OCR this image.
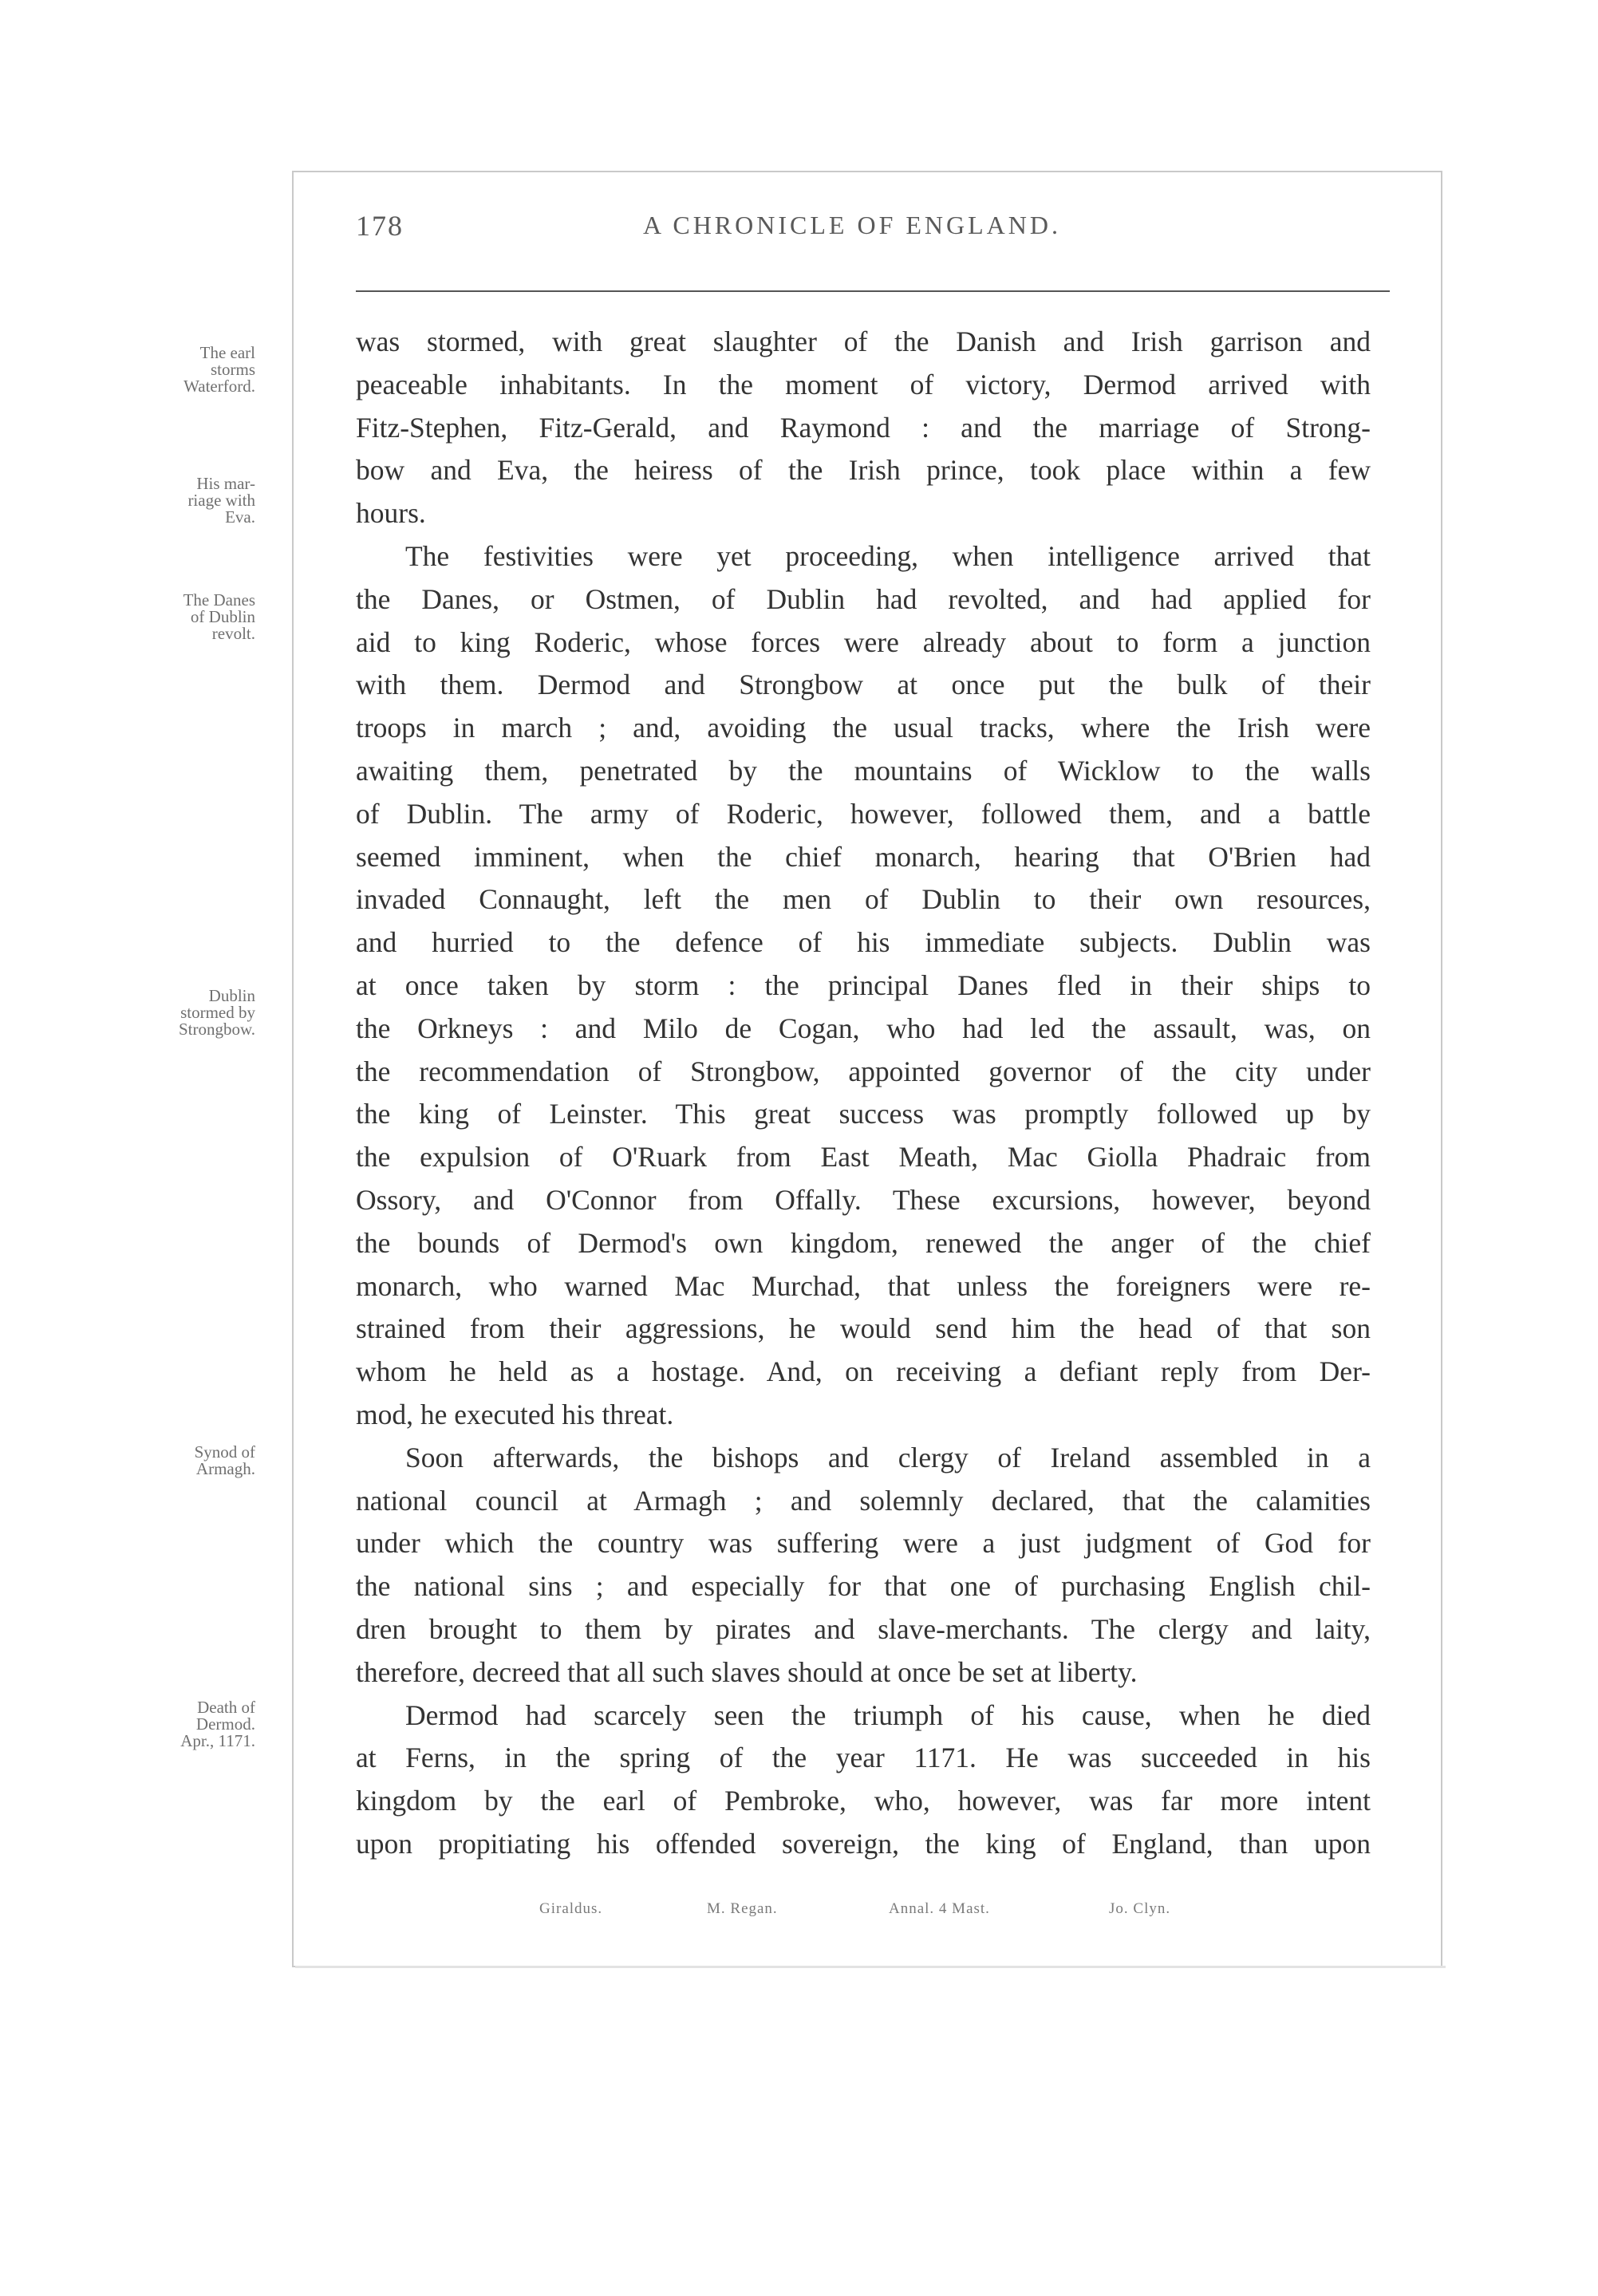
178	A CHRONICLE OF ENGLAND.
The earl
storms
Waterford.
His mar-
riage with
Eva.
The Danes
of Dublin
revolt.
Dublin
stormed by
Strongbow.
Synod of
Armagh.
Death of
Dermod.
Apr., 1171.
was stormed, with great slaughter of the Danish and Irish garrison and
peaceable inhabitants. In the moment of victory, Dermod arrived with
Fitz-Stephen, Fitz-Gerald, and Raymond : and the marriage of Strong-
bow and Eva, the heiress of the Irish prince, took place within a few
hours.
The festivities were yet proceeding, when intelligence arrived that
the Danes, or Ostmen, of Dublin had revolted, and had applied for
aid to king Roderic, whose forces were already about to form a junction
with them. Dermod and Strongbow at once put the bulk of their
troops in march ; and, avoiding the usual tracks, where the Irish were
awaiting them, penetrated by the mountains of Wicklow to the walls
of Dublin. The army of Roderic, however, followed them, and a battle
seemed imminent, when the chief monarch, hearing that O'Brien had
invaded Connaught, left the men of Dublin to their own resources,
and hurried to the defence of his immediate subjects. Dublin was
at once taken by storm : the principal Danes fled in their ships to
the Orkneys : and Milo de Cogan, who had led the assault, was, on
the recommendation of Strongbow, appointed governor of the city under
the king of Leinster. This great success was promptly followed up by
the expulsion of O'Ruark from East Meath, Mac Giolla Phadraic from
Ossory, and O'Connor from Offally. These excursions, however, beyond
the bounds of Dermod's own kingdom, renewed the anger of the chief
monarch, who warned Mac Murchad, that unless the foreigners were re-
strained from their aggressions, he would send him the head of that son
whom he held as a hostage. And, on receiving a defiant reply from Der-
mod, he executed his threat.
Soon afterwards, the bishops and clergy of Ireland assembled in a
national council at Armagh ; and solemnly declared, that the calamities
under which the country was suffering were a just judgment of God for
the national sins ; and especially for that one of purchasing English chil-
dren brought to them by pirates and slave-merchants. The clergy and laity,
therefore, decreed that all such slaves should at once be set at liberty.
Dermod had scarcely seen the triumph of his cause, when he died
at Ferns, in the spring of the year 1171. He was succeeded in his
kingdom by the earl of Pembroke, who, however, was far more intent
upon propitiating his offended sovereign, the king of England, than upon
Giraldus.	M. Regan.	Annal. 4 Mast.	Jo. Clyn.
